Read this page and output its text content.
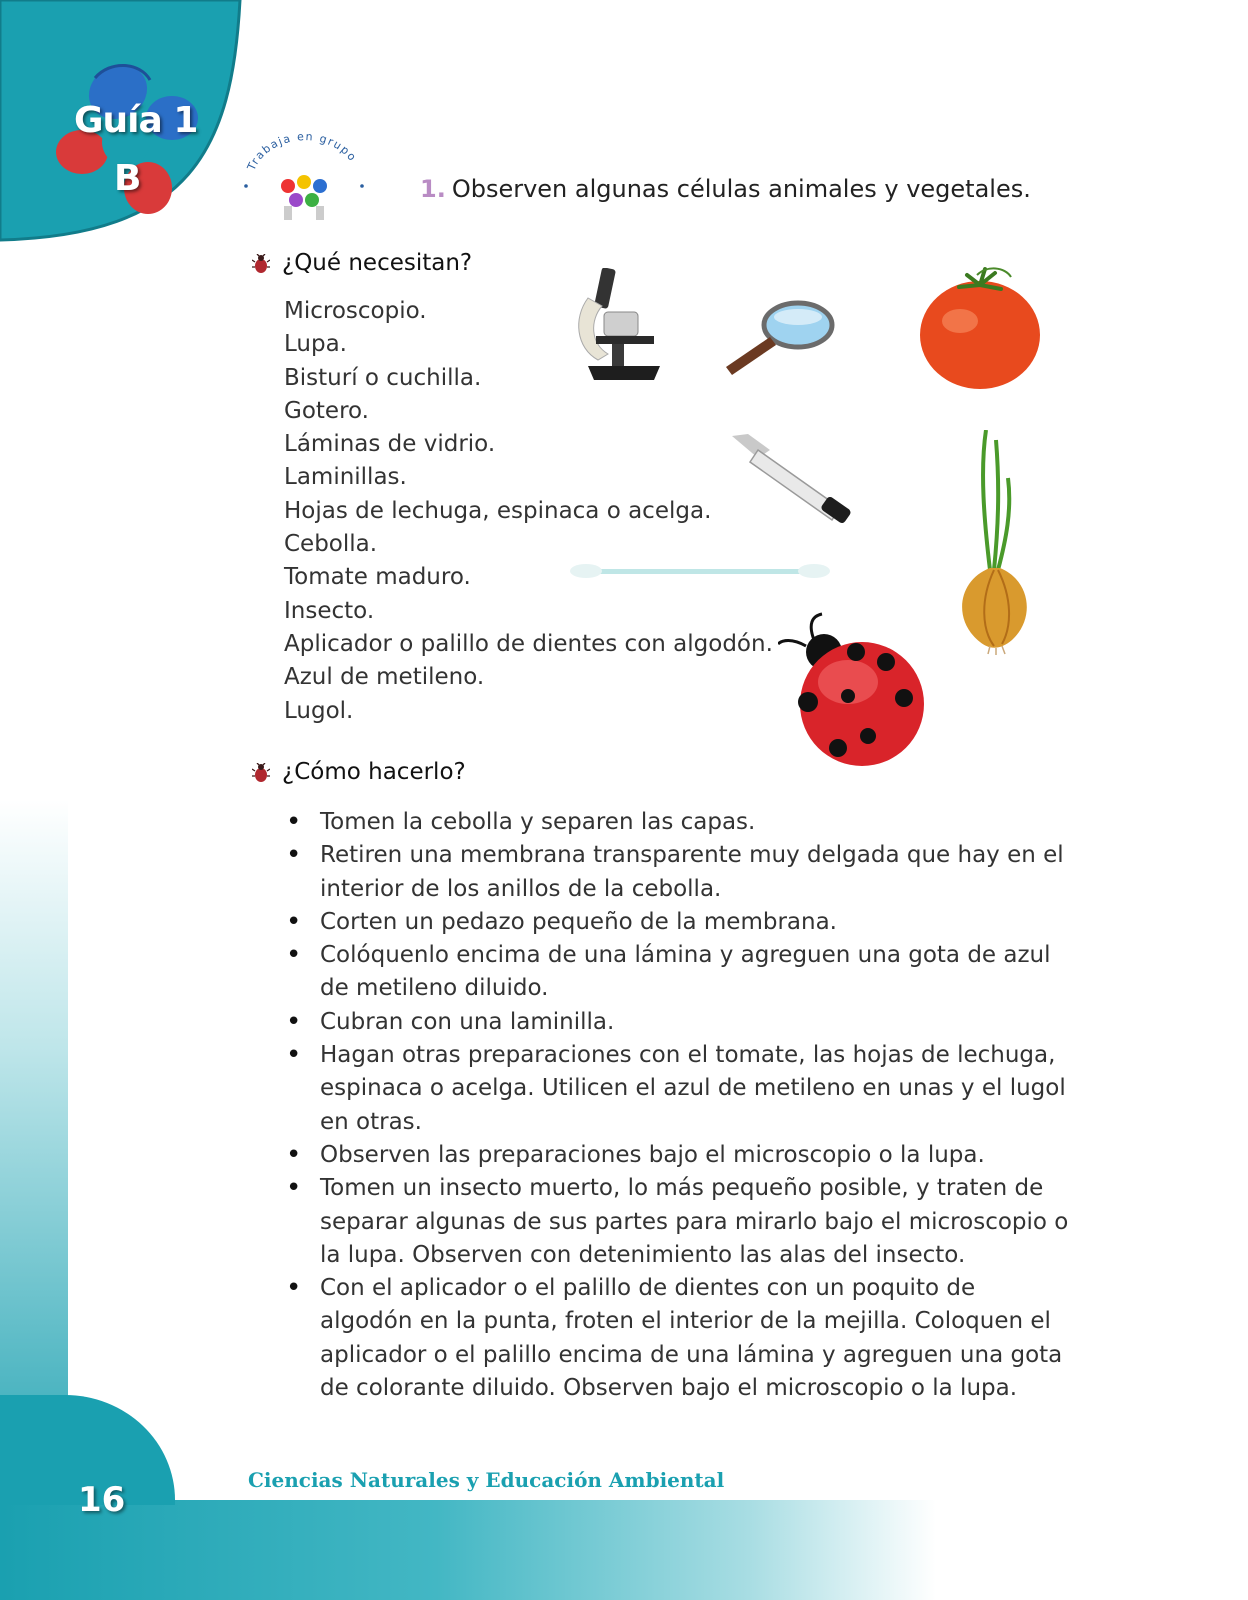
Guía 1
B	Trabaja en grupo
1. Observen algunas células animales y vegetales.
¿Qué necesitan?
Microscopio.
Lupa.
Bisturí o cuchilla.
Gotero.
Láminas de vidrio.
Laminillas.
Hojas de lechuga, espinaca o acelga.
Cebolla.
Tomate maduro.
Insecto.
Aplicador o palillo de dientes con algodón.
Azul de metileno.
Lugol.
¿Cómo hacerlo?
• Tomen la cebolla y separen las capas.
• Retiren una membrana transparente muy delgada que hay en el interior de los anillos de la cebolla.
• Corten un pedazo pequeño de la membrana.
• Colóquenlo encima de una lámina y agreguen una gota de azul de metileno diluido.
• Cubran con una laminilla.
• Hagan otras preparaciones con el tomate, las hojas de lechuga, espinaca o acelga. Utilicen el azul de metileno en unas y el lugol en otras.
• Observen las preparaciones bajo el microscopio o la lupa.
• Tomen un insecto muerto, lo más pequeño posible, y traten de separar algunas de sus partes para mirarlo bajo el microscopio o la lupa. Observen con detenimiento las alas del insecto.
• Con el aplicador o el palillo de dientes con un poquito de algodón en la punta, froten el interior de la mejilla. Coloquen el aplicador o el palillo encima de una lámina y agreguen una gota de colorante diluido. Observen bajo el microscopio o la lupa.
16	Ciencias Naturales y Educación Ambiental
